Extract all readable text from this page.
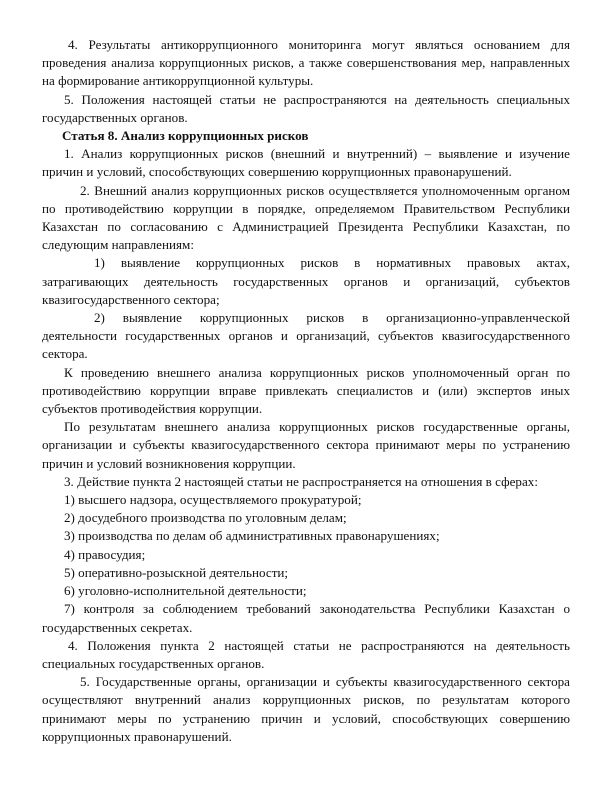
4. Результаты антикоррупционного мониторинга могут являться основанием для проведения анализа коррупционных рисков, а также совершенствования мер, направленных на формирование антикоррупционной культуры.

5. Положения настоящей статьи не распространяются на деятельность специальных государственных органов.

Статья 8. Анализ коррупционных рисков

1. Анализ коррупционных рисков (внешний и внутренний) – выявление и изучение причин и условий, способствующих совершению коррупционных правонарушений.

2. Внешний анализ коррупционных рисков осуществляется уполномоченным органом по противодействию коррупции в порядке, определяемом Правительством Республики Казахстан по согласованию с Администрацией Президента Республики Казахстан, по следующим направлениям:

1) выявление коррупционных рисков в нормативных правовых актах, затрагивающих деятельность государственных органов и организаций, субъектов квазигосударственного сектора;

2) выявление коррупционных рисков в организационно-управленческой деятельности государственных органов и организаций, субъектов квазигосударственного сектора.

К проведению внешнего анализа коррупционных рисков уполномоченный орган по противодействию коррупции вправе привлекать специалистов и (или) экспертов иных субъектов противодействия коррупции.

По результатам внешнего анализа коррупционных рисков государственные органы, организации и субъекты квазигосударственного сектора принимают меры по устранению причин и условий возникновения коррупции.

3. Действие пункта 2 настоящей статьи не распространяется на отношения в сферах:

1) высшего надзора, осуществляемого прокуратурой;

2) досудебного производства по уголовным делам;

3) производства по делам об административных правонарушениях;

4) правосудия;

5) оперативно-розыскной деятельности;

6) уголовно-исполнительной деятельности;

7) контроля за соблюдением требований законодательства Республики Казахстан о государственных секретах.

4. Положения пункта 2 настоящей статьи не распространяются на деятельность специальных государственных органов.

5. Государственные органы, организации и субъекты квазигосударственного сектора осуществляют внутренний анализ коррупционных рисков, по результатам которого принимают меры по устранению причин и условий, способствующих совершению коррупционных правонарушений.
